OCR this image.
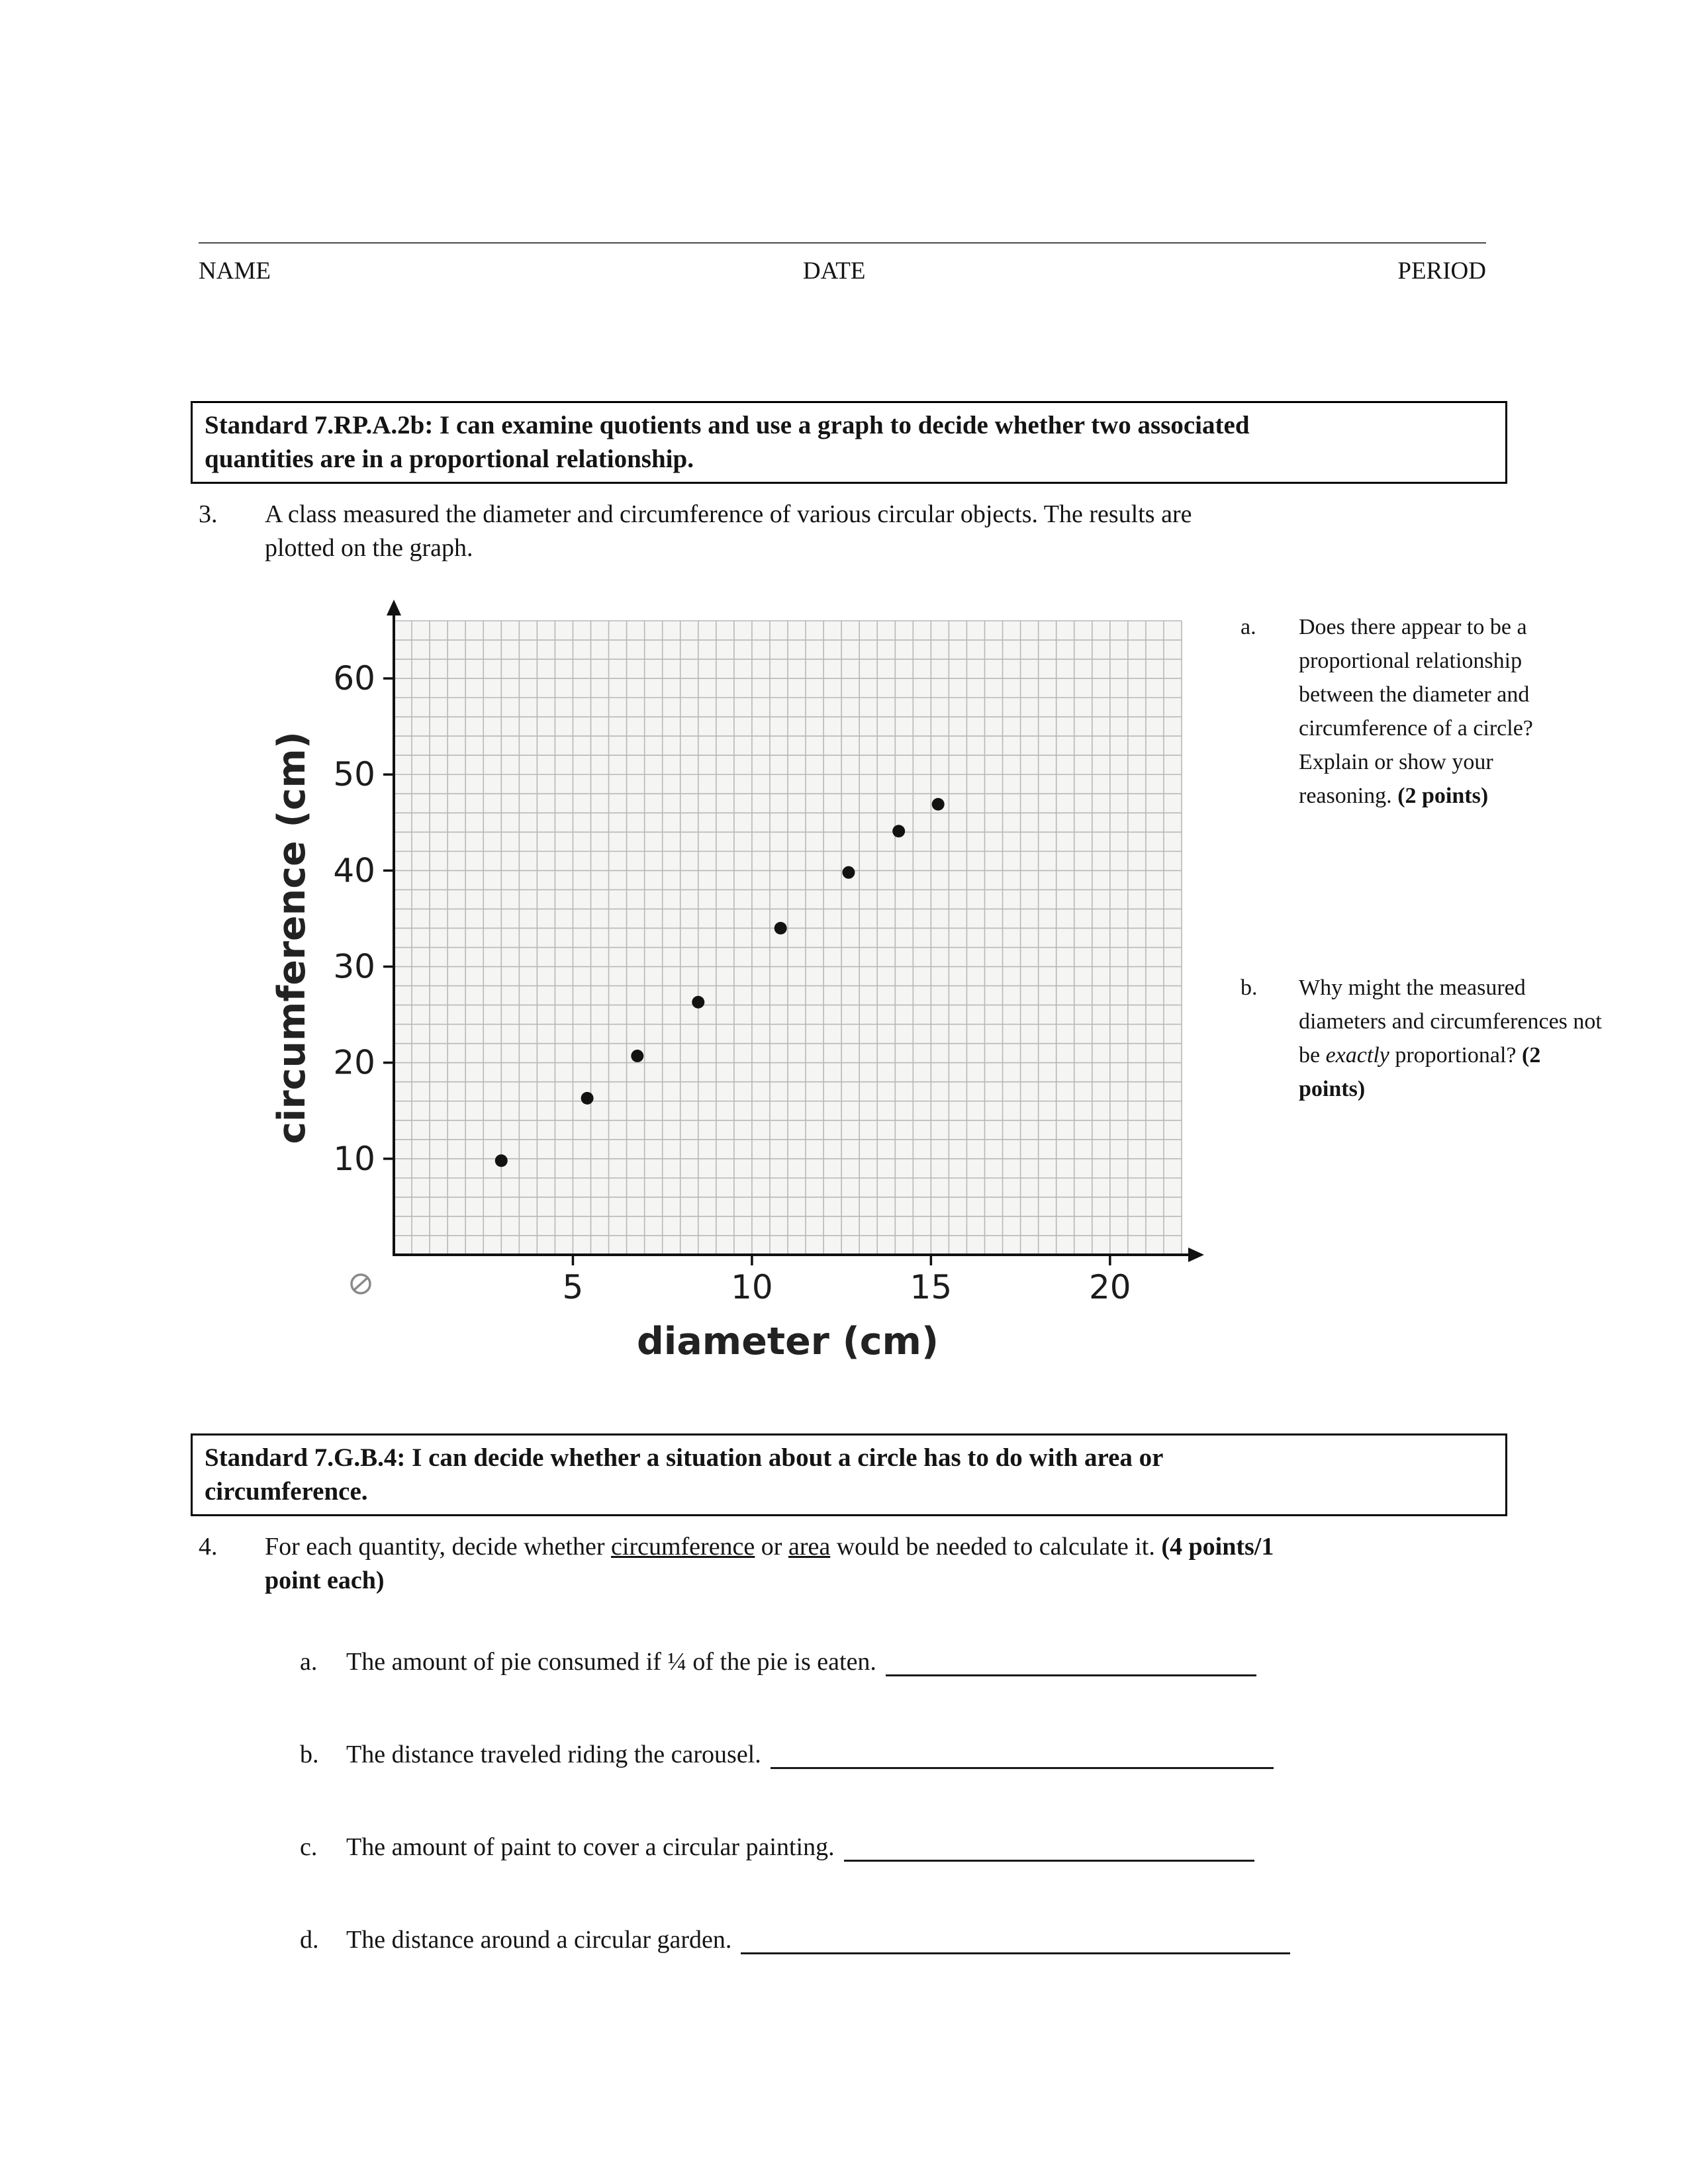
NAME	DATE	PERIOD
Standard 7.RP.A.2b: I can examine quotients and use a graph to decide whether two associated quantities are in a proportional relationship.
3.	A class measured the diameter and circumference of various circular objects. The results are plotted on the graph.
5	10	15	20
10
20
30
40
50
60
diameter (cm)
circumference (cm)
a.	Does there appear to be a proportional relationship between the diameter and circumference of a circle? Explain or show your reasoning. (2 points)
b.	Why might the measured diameters and circumferences not be exactly proportional? (2 points)
Standard 7.G.B.4: I can decide whether a situation about a circle has to do with area or circumference.
4.	For each quantity, decide whether circumference or area would be needed to calculate it. (4 points/1 point each)
a.	The amount of pie consumed if ¼ of the pie is eaten.
b.	The distance traveled riding the carousel.
c.	The amount of paint to cover a circular painting.
d.	The distance around a circular garden.
